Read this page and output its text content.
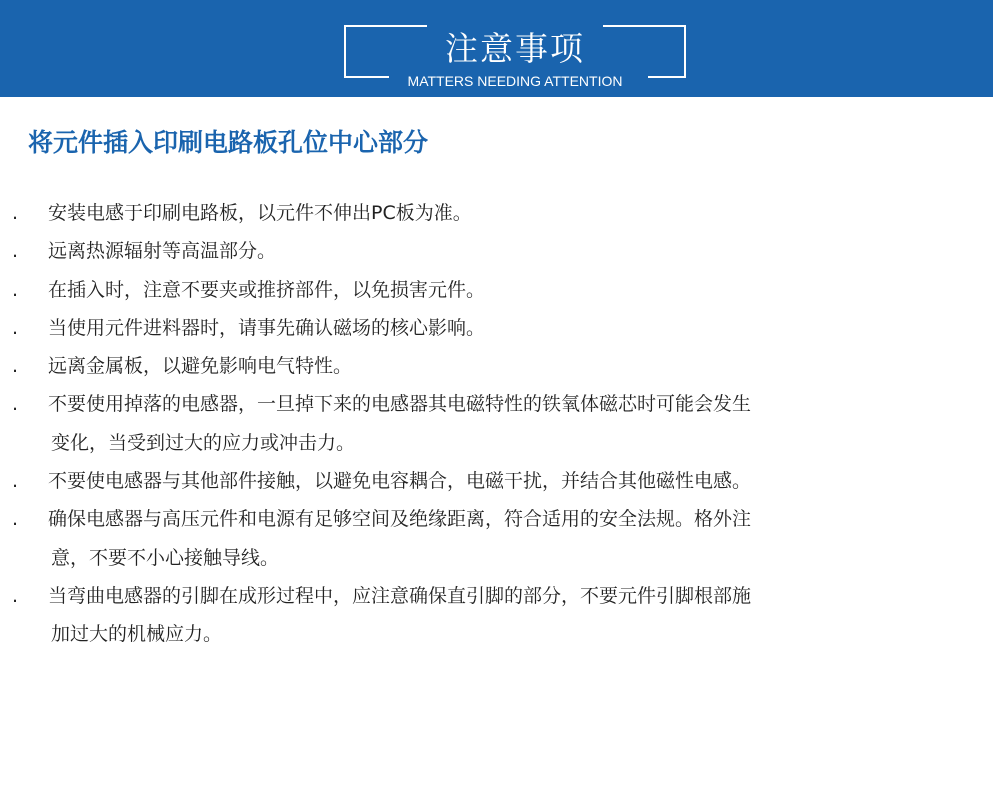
注意事项
MATTERS NEEDING ATTENTION
将元件插入印刷电路板孔位中心部分
. 安装电感于印刷电路板，以元件不伸出PC板为准。
. 远离热源辐射等高温部分。
. 在插入时，注意不要夹或推挤部件，以免损害元件。
. 当使用元件进料器时，请事先确认磁场的核心影响。
. 远离金属板，以避免影响电气特性。
. 不要使用掉落的电感器，一旦掉下来的电感器其电磁特性的铁氧体磁芯时可能会发生
变化，当受到过大的应力或冲击力。
. 不要使电感器与其他部件接触，以避免电容耦合，电磁干扰，并结合其他磁性电感。
. 确保电感器与高压元件和电源有足够空间及绝缘距离，符合适用的安全法规。格外注
意，不要不小心接触导线。
. 当弯曲电感器的引脚在成形过程中，应注意确保直引脚的部分，不要元件引脚根部施
加过大的机械应力。
